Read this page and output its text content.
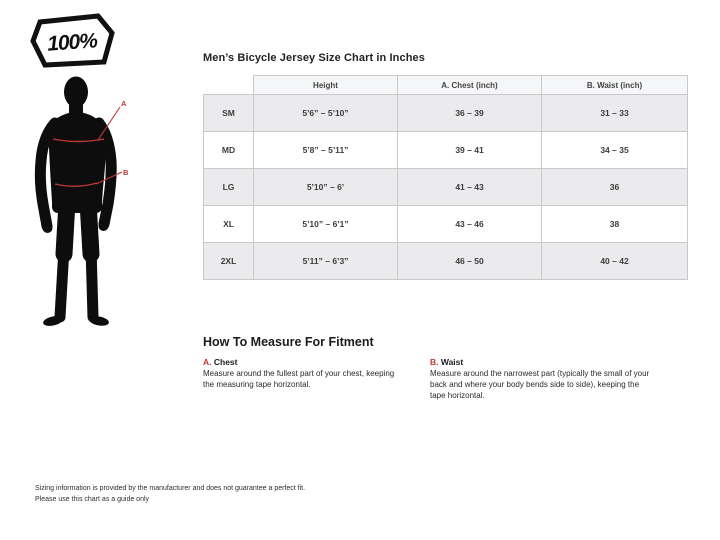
100%
A
B
Men’s Bicycle Jersey Size Chart in Inches
	Height	A. Chest (inch)	B. Waist (inch)
SM	5’6” – 5’10”	36 – 39	31 – 33
MD	5’8” – 5’11”	39 – 41	34 – 35
LG	5’10” – 6’	41 – 43	36
XL	5’10” – 6’1”	43 – 46	38
2XL	5’11” – 6’3”	46 – 50	40 – 42
How To Measure For Fitment
A. Chest
Measure around the fullest part of your chest, keeping the measuring tape horizontal.
B. Waist
Measure around the narrowest part (typically the small of your back and where your body bends side to side), keeping the tape horizontal.
Sizing information is provided by the manufacturer and does not guarantee a perfect fit.
Please use this chart as a guide only
